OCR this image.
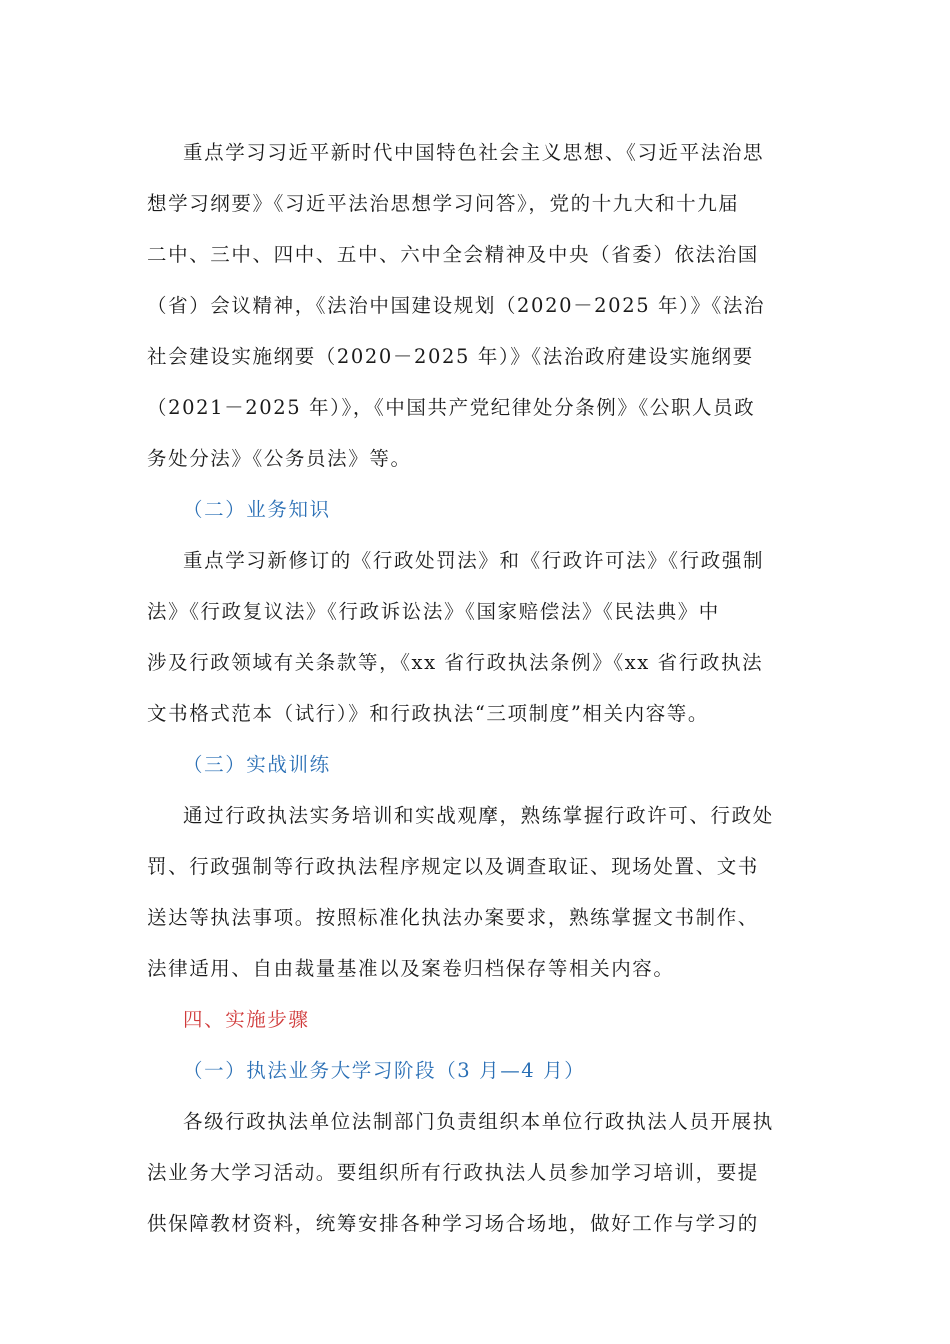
重点学习习近平新时代中国特色社会主义思想、《习近平法治思
想学习纲要》《习近平法治思想学习问答》，党的十九大和十九届
二中、三中、四中、五中、六中全会精神及中央（省委）依法治国
（省）会议精神，《法治中国建设规划（2020－2025 年）》《法治
社会建设实施纲要（2020－2025 年）》《法治政府建设实施纲要
（2021－2025 年）》，《中国共产党纪律处分条例》《公职人员政
务处分法》《公务员法》等。
（二）业务知识
重点学习新修订的《行政处罚法》和《行政许可法》《行政强制
法》《行政复议法》《行政诉讼法》《国家赔偿法》《民法典》中
涉及行政领域有关条款等，《xx 省行政执法条例》《xx 省行政执法
文书格式范本（试行）》和行政执法“三项制度”相关内容等。
（三）实战训练
通过行政执法实务培训和实战观摩，熟练掌握行政许可、行政处
罚、行政强制等行政执法程序规定以及调查取证、现场处置、文书
送达等执法事项。按照标准化执法办案要求，熟练掌握文书制作、
法律适用、自由裁量基准以及案卷归档保存等相关内容。
四、实施步骤
（一）执法业务大学习阶段（3 月—4 月）
各级行政执法单位法制部门负责组织本单位行政执法人员开展执
法业务大学习活动。要组织所有行政执法人员参加学习培训，要提
供保障教材资料，统筹安排各种学习场合场地，做好工作与学习的
